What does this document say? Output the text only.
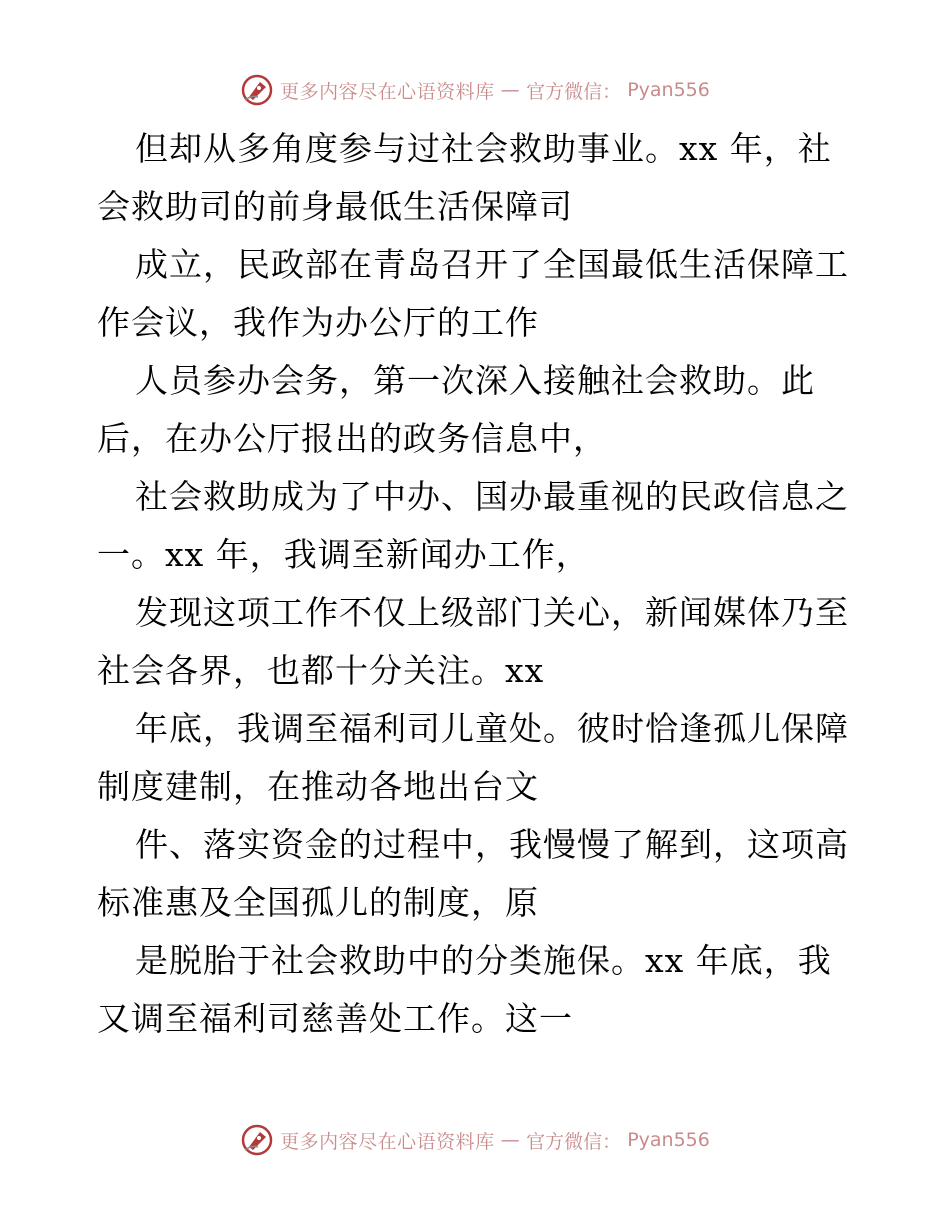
更多内容尽在心语资料库 — 官方微信： Pyan556
但却从多角度参与过社会救助事业。xx 年，社
会救助司的前身最低生活保障司
成立，民政部在青岛召开了全国最低生活保障工
作会议，我作为办公厅的工作
人员参办会务，第一次深入接触社会救助。此
后，在办公厅报出的政务信息中，
社会救助成为了中办、国办最重视的民政信息之
一。xx 年，我调至新闻办工作，
发现这项工作不仅上级部门关心，新闻媒体乃至
社会各界，也都十分关注。xx
年底，我调至福利司儿童处。彼时恰逢孤儿保障
制度建制，在推动各地出台文
件、落实资金的过程中，我慢慢了解到，这项高
标准惠及全国孤儿的制度，原
是脱胎于社会救助中的分类施保。xx 年底，我
又调至福利司慈善处工作。这一
更多内容尽在心语资料库 — 官方微信： Pyan556
